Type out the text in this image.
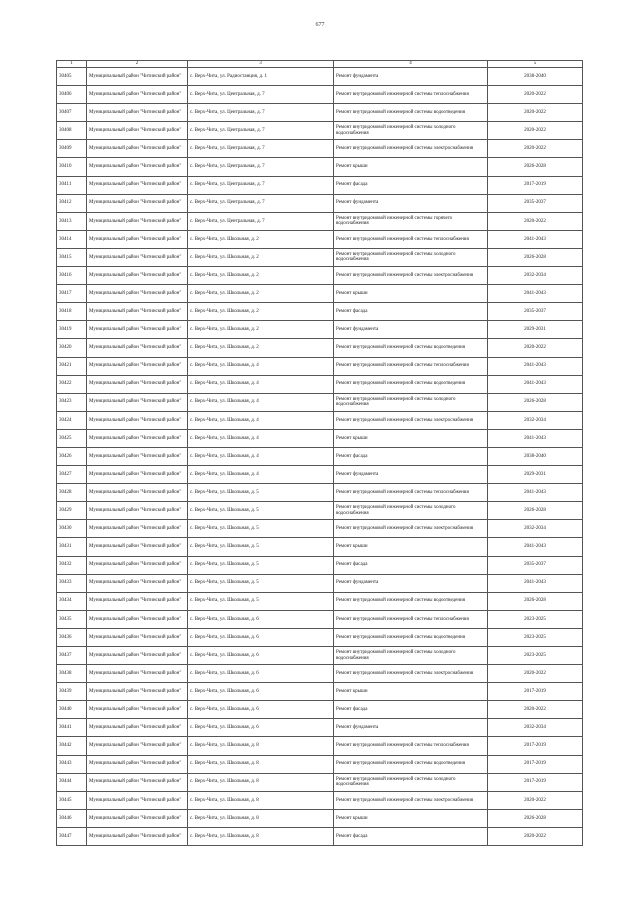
677
1	2	3	4	5
30405	Муниципальный район "Читинский район"	с. Верх-Чита, ул. Радиостанция, д. 1	Ремонт фундамента	2038-2040
30406	Муниципальный район "Читинский район"	с. Верх-Чита, ул. Центральная, д. 7	Ремонт внутридомовой инженерной системы теплоснабжения	2020-2022
30407	Муниципальный район "Читинский район"	с. Верх-Чита, ул. Центральная, д. 7	Ремонт внутридомовой инженерной системы водоотведения	2020-2022
30408	Муниципальный район "Читинский район"	с. Верх-Чита, ул. Центральная, д. 7	Ремонт внутридомовой инженерной системы холодного водоснабжения	2020-2022
30409	Муниципальный район "Читинский район"	с. Верх-Чита, ул. Центральная, д. 7	Ремонт внутридомовой инженерной системы электроснабжения	2020-2022
30410	Муниципальный район "Читинский район"	с. Верх-Чита, ул. Центральная, д. 7	Ремонт крыши	2026-2028
30411	Муниципальный район "Читинский район"	с. Верх-Чита, ул. Центральная, д. 7	Ремонт фасада	2017-2019
30412	Муниципальный район "Читинский район"	с. Верх-Чита, ул. Центральная, д. 7	Ремонт фундамента	2035-2037
30413	Муниципальный район "Читинский район"	с. Верх-Чита, ул. Центральная, д. 7	Ремонт внутридомовой инженерной системы горячего водоснабжения	2020-2022
30414	Муниципальный район "Читинский район"	с. Верх-Чита, ул. Школьная, д. 2	Ремонт внутридомовой инженерной системы теплоснабжения	2041-2043
30415	Муниципальный район "Читинский район"	с. Верх-Чита, ул. Школьная, д. 2	Ремонт внутридомовой инженерной системы холодного водоснабжения	2026-2028
30416	Муниципальный район "Читинский район"	с. Верх-Чита, ул. Школьная, д. 2	Ремонт внутридомовой инженерной системы электроснабжения	2032-2034
30417	Муниципальный район "Читинский район"	с. Верх-Чита, ул. Школьная, д. 2	Ремонт крыши	2041-2043
30418	Муниципальный район "Читинский район"	с. Верх-Чита, ул. Школьная, д. 2	Ремонт фасада	2035-2037
30419	Муниципальный район "Читинский район"	с. Верх-Чита, ул. Школьная, д. 2	Ремонт фундамента	2029-2031
30420	Муниципальный район "Читинский район"	с. Верх-Чита, ул. Школьная, д. 2	Ремонт внутридомовой инженерной системы водоотведения	2020-2022
30421	Муниципальный район "Читинский район"	с. Верх-Чита, ул. Школьная, д. 4	Ремонт внутридомовой инженерной системы теплоснабжения	2041-2043
30422	Муниципальный район "Читинский район"	с. Верх-Чита, ул. Школьная, д. 4	Ремонт внутридомовой инженерной системы водоотведения	2041-2043
30423	Муниципальный район "Читинский район"	с. Верх-Чита, ул. Школьная, д. 4	Ремонт внутридомовой инженерной системы холодного водоснабжения	2026-2028
30424	Муниципальный район "Читинский район"	с. Верх-Чита, ул. Школьная, д. 4	Ремонт внутридомовой инженерной системы электроснабжения	2032-2034
30425	Муниципальный район "Читинский район"	с. Верх-Чита, ул. Школьная, д. 4	Ремонт крыши	2041-2043
30426	Муниципальный район "Читинский район"	с. Верх-Чита, ул. Школьная, д. 4	Ремонт фасада	2038-2040
30427	Муниципальный район "Читинский район"	с. Верх-Чита, ул. Школьная, д. 4	Ремонт фундамента	2029-2031
30428	Муниципальный район "Читинский район"	с. Верх-Чита, ул. Школьная, д. 5	Ремонт внутридомовой инженерной системы теплоснабжения	2041-2043
30429	Муниципальный район "Читинский район"	с. Верх-Чита, ул. Школьная, д. 5	Ремонт внутридомовой инженерной системы холодного водоснабжения	2026-2028
30430	Муниципальный район "Читинский район"	с. Верх-Чита, ул. Школьная, д. 5	Ремонт внутридомовой инженерной системы электроснабжения	2032-2034
30431	Муниципальный район "Читинский район"	с. Верх-Чита, ул. Школьная, д. 5	Ремонт крыши	2041-2043
30432	Муниципальный район "Читинский район"	с. Верх-Чита, ул. Школьная, д. 5	Ремонт фасада	2035-2037
30433	Муниципальный район "Читинский район"	с. Верх-Чита, ул. Школьная, д. 5	Ремонт фундамента	2041-2043
30434	Муниципальный район "Читинский район"	с. Верх-Чита, ул. Школьная, д. 5	Ремонт внутридомовой инженерной системы водоотведения	2026-2028
30435	Муниципальный район "Читинский район"	с. Верх-Чита, ул. Школьная, д. 6	Ремонт внутридомовой инженерной системы теплоснабжения	2023-2025
30436	Муниципальный район "Читинский район"	с. Верх-Чита, ул. Школьная, д. 6	Ремонт внутридомовой инженерной системы водоотведения	2023-2025
30437	Муниципальный район "Читинский район"	с. Верх-Чита, ул. Школьная, д. 6	Ремонт внутридомовой инженерной системы холодного водоснабжения	2023-2025
30438	Муниципальный район "Читинский район"	с. Верх-Чита, ул. Школьная, д. 6	Ремонт внутридомовой инженерной системы электроснабжения	2020-2022
30439	Муниципальный район "Читинский район"	с. Верх-Чита, ул. Школьная, д. 6	Ремонт крыши	2017-2019
30440	Муниципальный район "Читинский район"	с. Верх-Чита, ул. Школьная, д. 6	Ремонт фасада	2020-2022
30441	Муниципальный район "Читинский район"	с. Верх-Чита, ул. Школьная, д. 6	Ремонт фундамента	2032-2034
30442	Муниципальный район "Читинский район"	с. Верх-Чита, ул. Школьная, д. 8	Ремонт внутридомовой инженерной системы теплоснабжения	2017-2019
30443	Муниципальный район "Читинский район"	с. Верх-Чита, ул. Школьная, д. 8	Ремонт внутридомовой инженерной системы водоотведения	2017-2019
30444	Муниципальный район "Читинский район"	с. Верх-Чита, ул. Школьная, д. 8	Ремонт внутридомовой инженерной системы холодного водоснабжения	2017-2019
30445	Муниципальный район "Читинский район"	с. Верх-Чита, ул. Школьная, д. 8	Ремонт внутридомовой инженерной системы электроснабжения	2020-2022
30446	Муниципальный район "Читинский район"	с. Верх-Чита, ул. Школьная, д. 8	Ремонт крыши	2026-2028
30447	Муниципальный район "Читинский район"	с. Верх-Чита, ул. Школьная, д. 8	Ремонт фасада	2020-2022
